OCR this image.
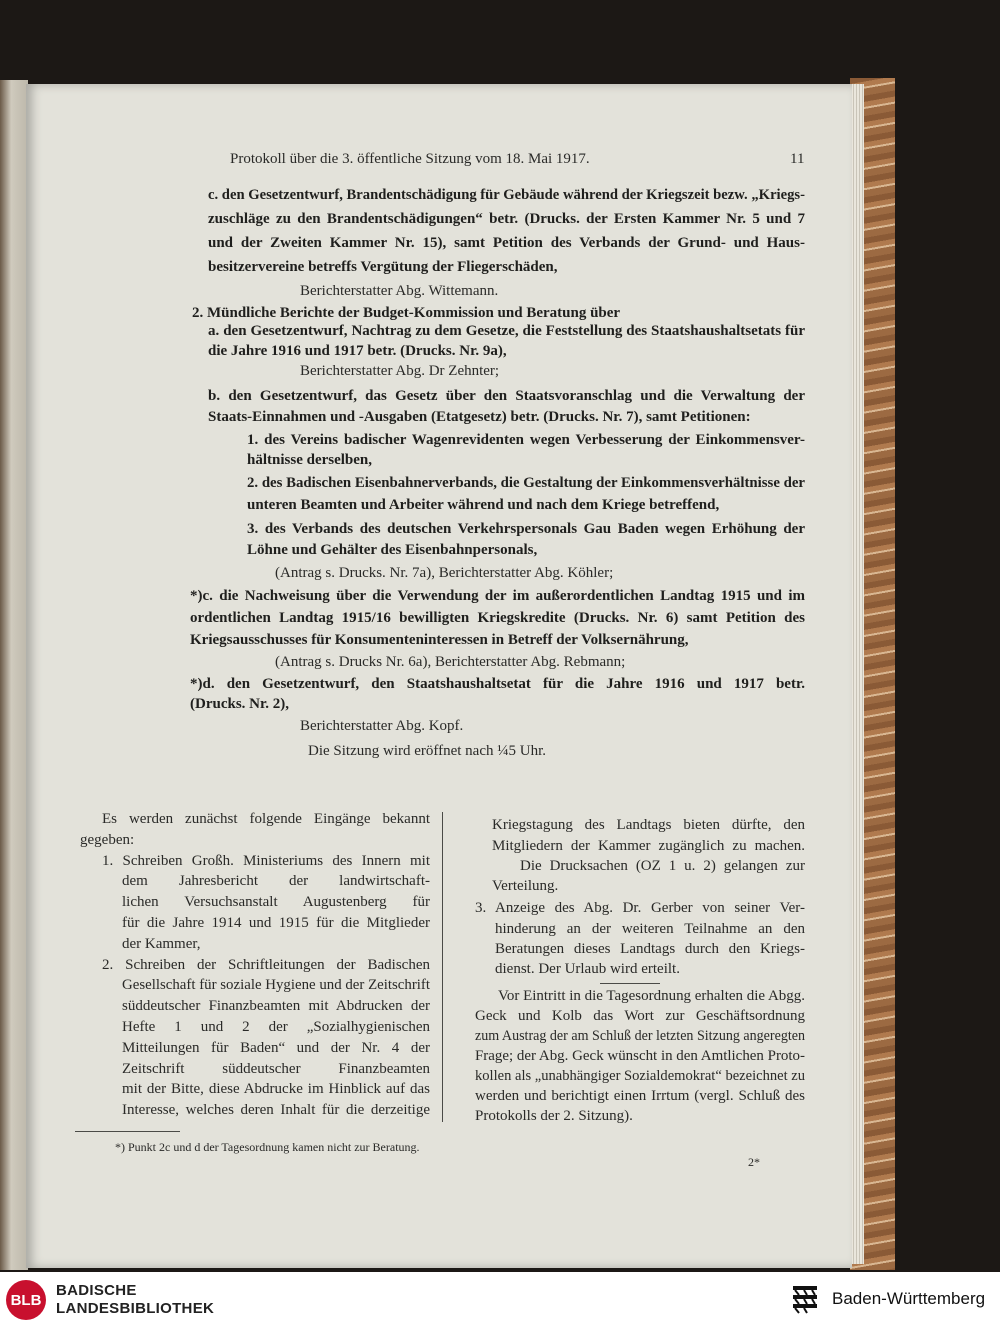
Protokoll über die 3. öffentliche Sitzung vom 18. Mai 1917.	11
c. den Gesetzentwurf, Brandentschädigung für Gebäude während der Kriegszeit bezw. „Kriegs-
zuschläge zu den Brandentschädigungen“ betr. (Drucks. der Ersten Kammer Nr. 5 und 7
und der Zweiten Kammer Nr. 15), samt Petition des Verbands der Grund- und Haus-
besitzervereine betreffs Vergütung der Fliegerschäden,
Berichterstatter Abg. Wittemann.
2. Mündliche Berichte der Budget-Kommission und Beratung über
a. den Gesetzentwurf, Nachtrag zu dem Gesetze, die Feststellung des Staatshaushaltsetats für
die Jahre 1916 und 1917 betr. (Drucks. Nr. 9a),
Berichterstatter Abg. Dr Zehnter;
b. den Gesetzentwurf, das Gesetz über den Staatsvoranschlag und die Verwaltung der
Staats-Einnahmen und -Ausgaben (Etatgesetz) betr. (Drucks. Nr. 7), samt Petitionen:
1. des Vereins badischer Wagenrevidenten wegen Verbesserung der Einkommensver-
hältnisse derselben,
2. des Badischen Eisenbahnerverbands, die Gestaltung der Einkommensverhältnisse der
unteren Beamten und Arbeiter während und nach dem Kriege betreffend,
3. des Verbands des deutschen Verkehrspersonals Gau Baden wegen Erhöhung der
Löhne und Gehälter des Eisenbahnpersonals,
(Antrag s. Drucks. Nr. 7a), Berichterstatter Abg. Köhler;
*)c. die Nachweisung über die Verwendung der im außerordentlichen Landtag 1915 und im
ordentlichen Landtag 1915/16 bewilligten Kriegskredite (Drucks. Nr. 6) samt Petition des
Kriegsausschusses für Konsumenteninteressen in Betreff der Volksernährung,
(Antrag s. Drucks Nr. 6a), Berichterstatter Abg. Rebmann;
*)d. den Gesetzentwurf, den Staatshaushaltsetat für die Jahre 1916 und 1917 betr.
(Drucks. Nr. 2),
Berichterstatter Abg. Kopf.
Die Sitzung wird eröffnet nach ¼5 Uhr.
Es werden zunächst folgende Eingänge bekannt
gegeben:
1. Schreiben Großh. Ministeriums des Innern mit
dem Jahresbericht der landwirtschaft-
lichen Versuchsanstalt Augustenberg für
für die Jahre 1914 und 1915 für die Mitglieder
der Kammer,
2. Schreiben der Schriftleitungen der Badischen
Gesellschaft für soziale Hygiene und der Zeitschrift
süddeutscher Finanzbeamten mit Abdrucken der
Hefte 1 und 2 der „Sozialhygienischen
Mitteilungen für Baden“ und der Nr. 4 der
Zeitschrift süddeutscher Finanzbeamten
mit der Bitte, diese Abdrucke im Hinblick auf das
Interesse, welches deren Inhalt für die derzeitige
Kriegstagung des Landtags bieten dürfte, den
Mitgliedern der Kammer zugänglich zu machen.
Die Drucksachen (OZ 1 u. 2) gelangen zur
Verteilung.
3. Anzeige des Abg. Dr. Gerber von seiner Ver-
hinderung an der weiteren Teilnahme an den
Beratungen dieses Landtags durch den Kriegs-
dienst. Der Urlaub wird erteilt.
Vor Eintritt in die Tagesordnung erhalten die Abgg.
Geck und Kolb das Wort zur Geschäftsordnung
zum Austrag der am Schluß der letzten Sitzung angeregten
Frage; der Abg. Geck wünscht in den Amtlichen Proto-
kollen als „unabhängiger Sozialdemokrat“ bezeichnet zu
werden und berichtigt einen Irrtum (vergl. Schluß des
Protokolls der 2. Sitzung).
*) Punkt 2c und d der Tagesordnung kamen nicht zur Beratung.
2*
BLB
BADISCHE
LANDESBIBLIOTHEK
Baden-Württemberg
